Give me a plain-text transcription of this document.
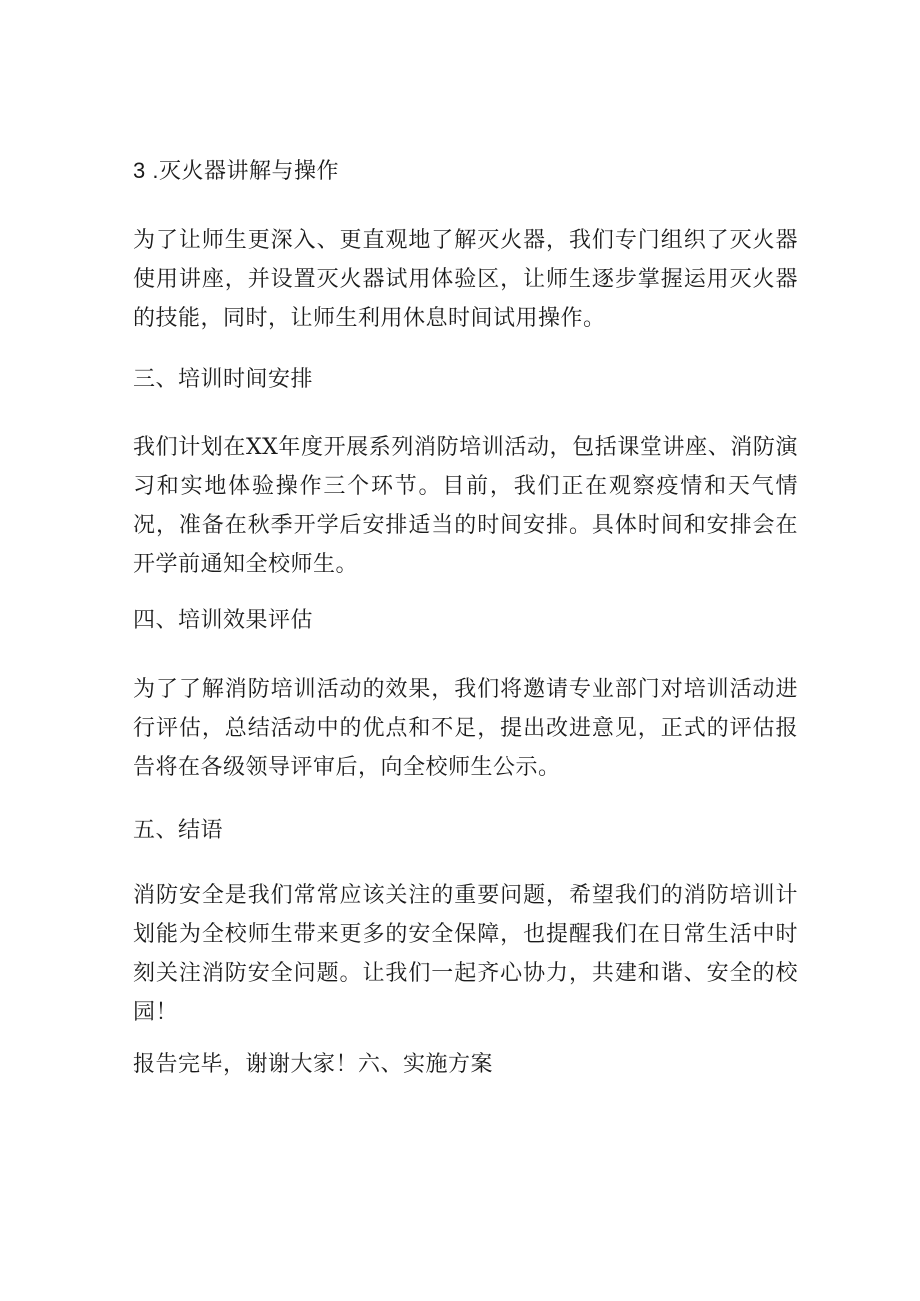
3 .灭火器讲解与操作

为了让师生更深入、更直观地了解灭火器，我们专门组织了灭火器使用讲座，并设置灭火器试用体验区，让师生逐步掌握运用灭火器的技能，同时，让师生利用休息时间试用操作。

三、培训时间安排

我们计划在XX年度开展系列消防培训活动，包括课堂讲座、消防演习和实地体验操作三个环节。目前，我们正在观察疫情和天气情况，准备在秋季开学后安排适当的时间安排。具体时间和安排会在开学前通知全校师生。

四、培训效果评估

为了了解消防培训活动的效果，我们将邀请专业部门对培训活动进行评估，总结活动中的优点和不足，提出改进意见，正式的评估报告将在各级领导评审后，向全校师生公示。

五、结语

消防安全是我们常常应该关注的重要问题，希望我们的消防培训计划能为全校师生带来更多的安全保障，也提醒我们在日常生活中时刻关注消防安全问题。让我们一起齐心协力，共建和谐、安全的校园！

报告完毕，谢谢大家！六、实施方案
